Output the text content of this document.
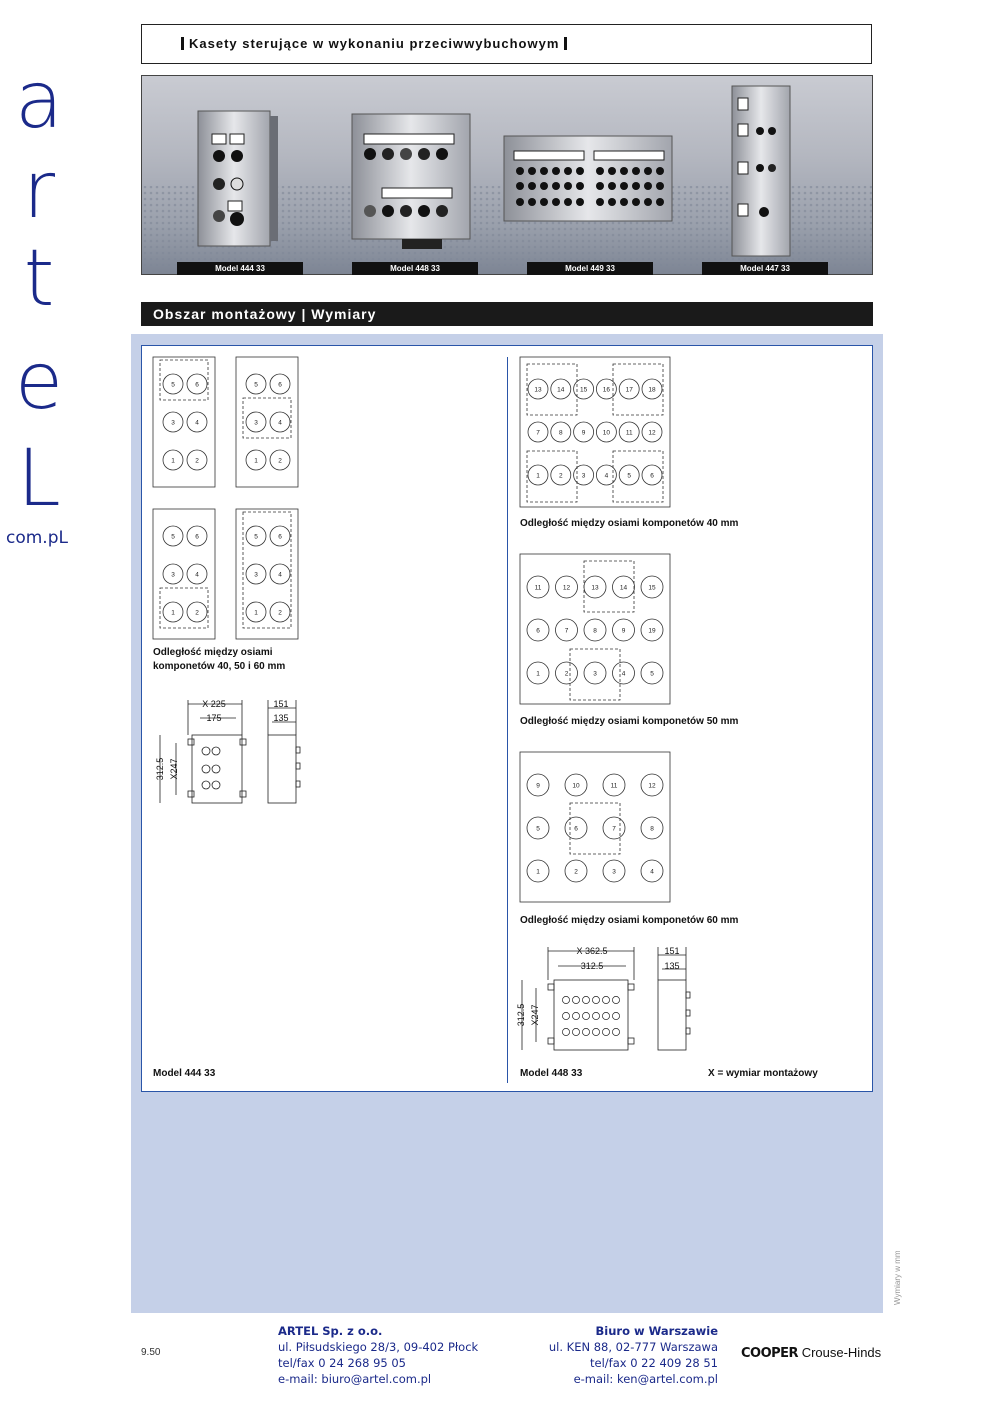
a
r
t
e
L
com.pL
Kasety sterujące w wykonaniu przeciwwybuchowym
Model 444 33	Model 448 33	Model 449 33	Model 447 33
Obszar montażowy | Wymiary
5	6
3	4
1	2
5	6
3	4
1	2
5	6
3	4
1	2
5	6
3	4
1	2
Odległość między osiami
komponetów 40, 50 i 60 mm
X 225
175
151
135
312.5 X247
Model 444 33
13 14 15 16 17 18
7	8	9	10 11 12
1	2	3	4	5	6
11	12	13	14	15
6	7	8	9	19
1	2	3	4	5
9	10	11	12
5	6	7	8
1	2	3	4
Odległość między osiami komponetów 40 mm
Odległość między osiami komponetów 50 mm
Odległość między osiami komponetów 60 mm
X 362.5
312.5
151
135
312.5 X247
Model 448 33	X = wymiar montażowy
9.50
ARTEL Sp. z o.o.
ul. Piłsudskiego 28/3, 09-402 Płock
tel/fax 0 24 268 95 05
e-mail: biuro@artel.com.pl
Biuro w Warszawie
ul. KEN 88, 02-777 Warszawa
tel/fax 0 22 409 28 51
e-mail: ken@artel.com.pl
COOPER Crouse-Hinds
Wymiary w mm
